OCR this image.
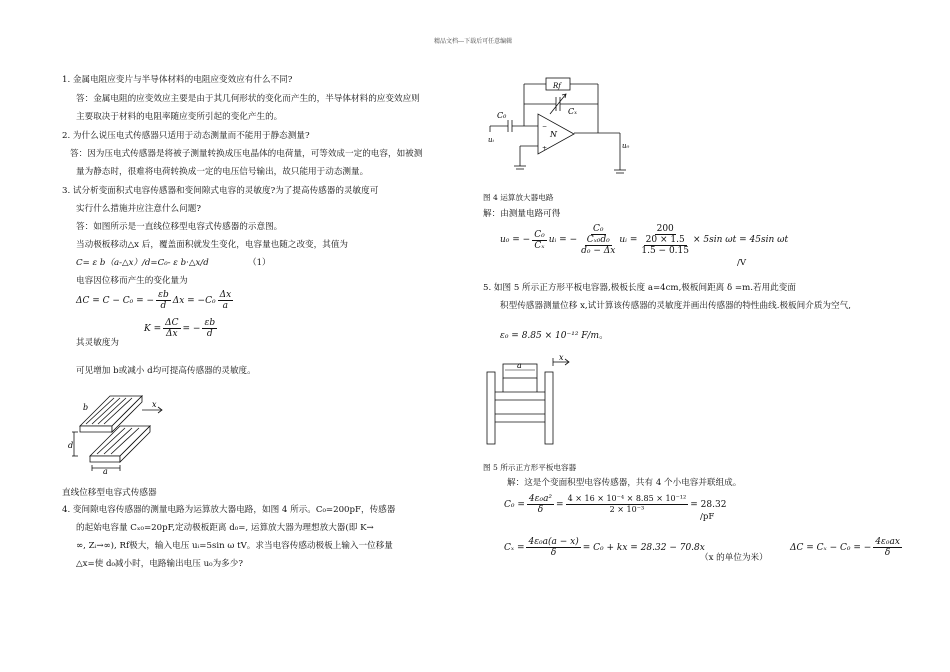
精品文档---下载后可任意编辑
1. 金属电阻应变片与半导体材料的电阻应变效应有什么不同?
答：金属电阻的应变效应主要是由于其几何形状的变化而产生的，半导体材料的应变效应则
主要取决于材料的电阻率随应变所引起的变化产生的。
2. 为什么说压电式传感器只适用于动态测量而不能用于静态测量?
答：因为压电式传感器是将被子测量转换成压电晶体的电荷量，可等效成一定的电容，如被测
量为静态时，很难将电荷转换成一定的电压信号输出，故只能用于动态测量。
3. 试分析变面积式电容传感器和变间隙式电容的灵敏度?为了提高传感器的灵敏度可
实行什么措施并应注意什么问题?
答：如图所示是一直线位移型电容式传感器的示意图。
当动极板移动△x 后，覆盖面积就发生变化，电容量也随之改变，其值为
C= ε b（a-△x）/d=C₀- ε b·△x/d	（1）
电容因位移而产生的变化量为
ΔC = C − C₀ = − $\frac{\varepsilon b}{d}$ $\Delta x = -C_0 \frac{\Delta x}{a}$
$K = \frac{\Delta C}{\Delta x}$ = − $\frac{\varepsilon b}{d}$
其灵敏度为
可见增加 b或减小 d均可提高传感器的灵敏度。
b
a
x
d
直线位移型电容式传感器
4. 变间隙电容传感器的测量电路为运算放大器电路，如图 4 所示。C₀=200pF，传感器
的起始电容量 Cₓ₀=20pF,定动极板距离 d₀=, 运算放大器为理想放大器(即 K→
∞, Zᵢ→∞), Rf极大，输入电压 uᵢ=5sin ω tV。求当电容传感动极板上输入一位移量
△x=使 d₀减小时，电路输出电压 u₀为多少?
−
+
Rf
C₀	Cₓ
N
uᵢ
u₀
图 4 运算放大器电路
解：由测量电路可得
u₀ = − $\frac{\text{C₀}}{\text{Cₓ}}$ uᵢ = − $\frac{\text{C₀}}{\frac{\text{Cₓ₀d₀}}{\text{d₀ − Δx}}}$ uᵢ = $\frac{200}{\frac{20 \times 1.5}{1.5 - 0.15}} \times 5\sin$ ωt = 45sin ωt
/V
5. 如图 5 所示正方形平板电容器,极板长度 a=4cm,极板间距离 δ =m.若用此变面
积型传感器测量位移 x,试计算该传感器的灵敏度并画出传感器的特性曲线.极板间介质为空气,
ε₀ = 8.85 × 10⁻¹² F/m。
a
x
图 5 所示正方形平板电容器
解：这是个变面积型电容传感器，共有 4 个小电容并联组成。
$C_0 = \frac{\text{4ε₀a²}}{\delta} = \frac{\text{4 × 16 × 10⁻⁴ × 8.85 × 10⁻¹²}}{\text{2 × 10⁻³}} = 28.32$
/pF
$C_x = \frac{\text{4ε₀a(a − x)}}{\delta} = C_0$ + kx = 28.32 − 70.8x
（x 的单位为米）
ΔC = Cₓ − C₀ = − $\frac{\text{4ε₀ax}}{\delta}$
